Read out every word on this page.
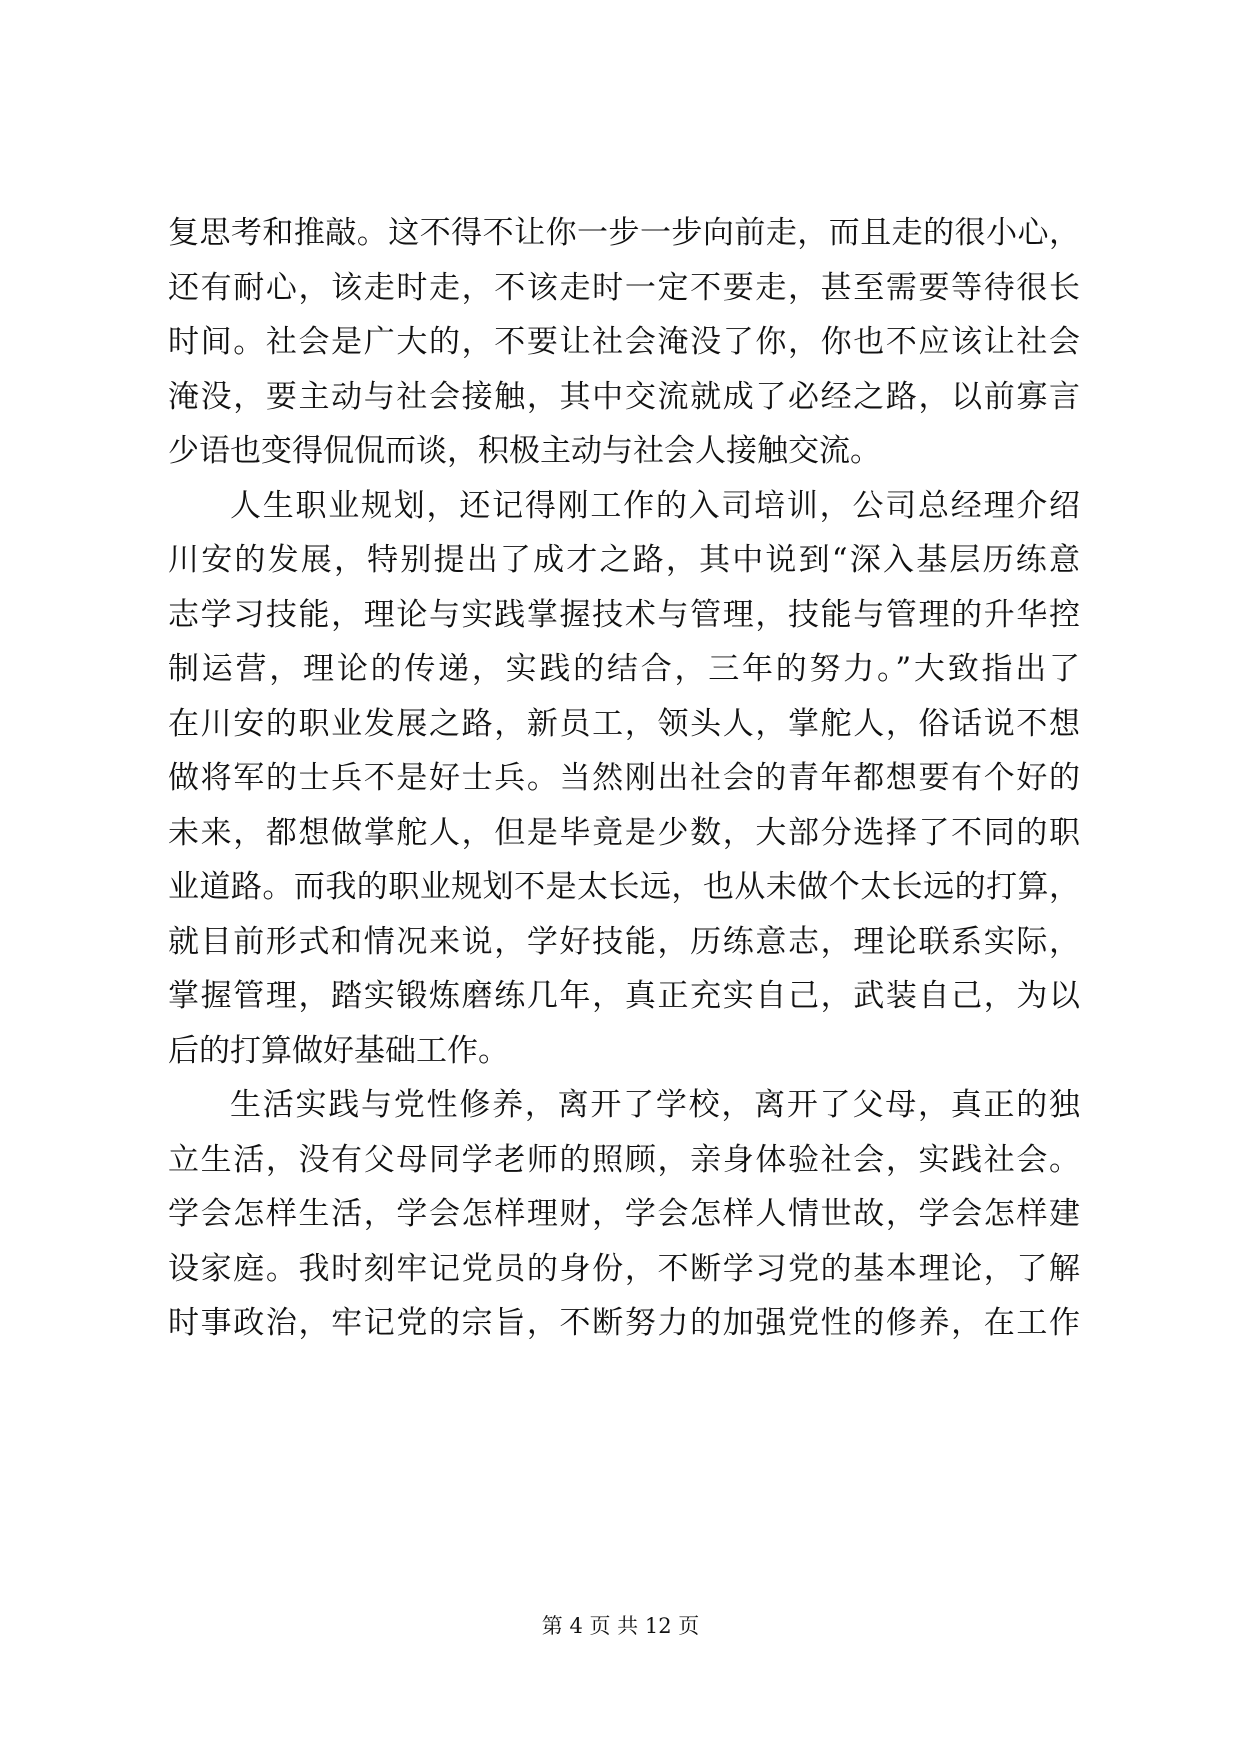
复思考和推敲。这不得不让你一步一步向前走，而且走的很小心，
还有耐心，该走时走，不该走时一定不要走，甚至需要等待很长
时间。社会是广大的，不要让社会淹没了你，你也不应该让社会
淹没，要主动与社会接触，其中交流就成了必经之路，以前寡言
少语也变得侃侃而谈，积极主动与社会人接触交流。
人生职业规划，还记得刚工作的入司培训，公司总经理介绍
川安的发展，特别提出了成才之路，其中说到“深入基层历练意
志学习技能，理论与实践掌握技术与管理，技能与管理的升华控
制运营，理论的传递，实践的结合，三年的努力。”大致指出了
在川安的职业发展之路，新员工，领头人，掌舵人，俗话说不想
做将军的士兵不是好士兵。当然刚出社会的青年都想要有个好的
未来，都想做掌舵人，但是毕竟是少数，大部分选择了不同的职
业道路。而我的职业规划不是太长远，也从未做个太长远的打算，
就目前形式和情况来说，学好技能，历练意志，理论联系实际，
掌握管理，踏实锻炼磨练几年，真正充实自己，武装自己，为以
后的打算做好基础工作。
生活实践与党性修养，离开了学校，离开了父母，真正的独
立生活，没有父母同学老师的照顾，亲身体验社会，实践社会。
学会怎样生活，学会怎样理财，学会怎样人情世故，学会怎样建
设家庭。我时刻牢记党员的身份，不断学习党的基本理论，了解
时事政治，牢记党的宗旨，不断努力的加强党性的修养，在工作
第 4 页 共 12 页
